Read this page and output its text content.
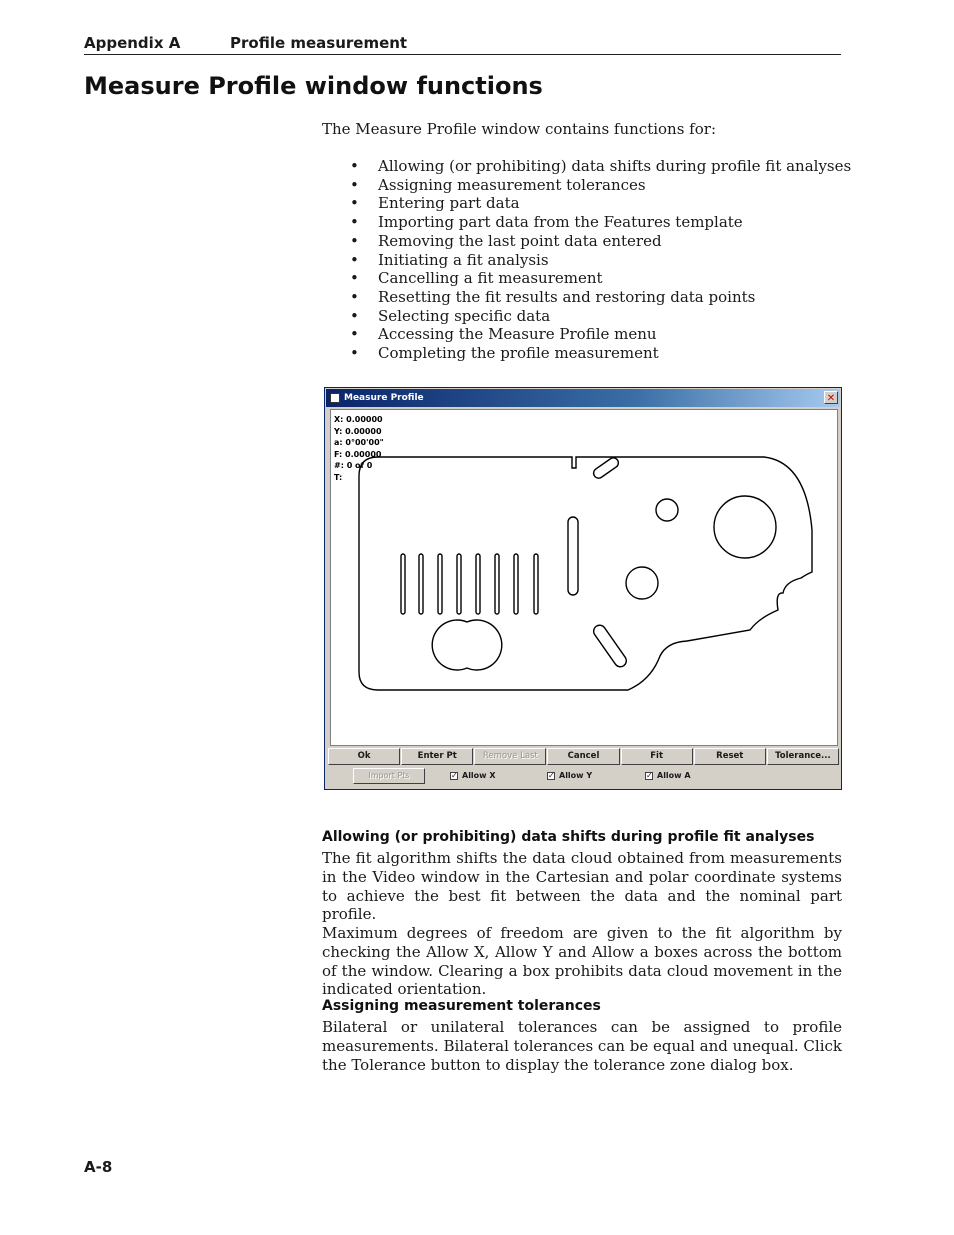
Appendix A	Profile measurement
Measure Profile window functions

The Measure Profile window contains functions for:

• Allowing (or prohibiting) data shifts during profile fit analyses
• Assigning measurement tolerances
• Entering part data
• Importing part data from the Features template
• Removing the last point data entered
• Initiating a fit analysis
• Cancelling a fit measurement
• Resetting the fit results and restoring data points
• Selecting specific data
• Accessing the Measure Profile menu
• Completing the profile measurement
Measure Profile	✕
X: 0.00000
Y: 0.00000
a: 0°00'00"
F: 0.00000
#: 0 of 0
T:
Ok	Enter Pt	Remove Last	Cancel	Fit	Reset	Tolerance...
Import Pts	✓ Allow X	✓ Allow Y	✓ Allow A
Allowing (or prohibiting) data shifts during profile fit analyses

The fit algorithm shifts the data cloud obtained from measurements in the Video window in the Cartesian and polar coordinate systems to achieve the best fit between the data and the nominal part profile.

Maximum degrees of freedom are given to the fit algorithm by checking the Allow X, Allow Y and Allow a boxes across the bottom of the window. Clearing a box prohibits data cloud movement in the indicated orientation.

Assigning measurement tolerances

Bilateral or unilateral tolerances can be assigned to profile measurements. Bilateral tolerances can be equal and unequal. Click the Tolerance button to display the tolerance zone dialog box.

A-8
